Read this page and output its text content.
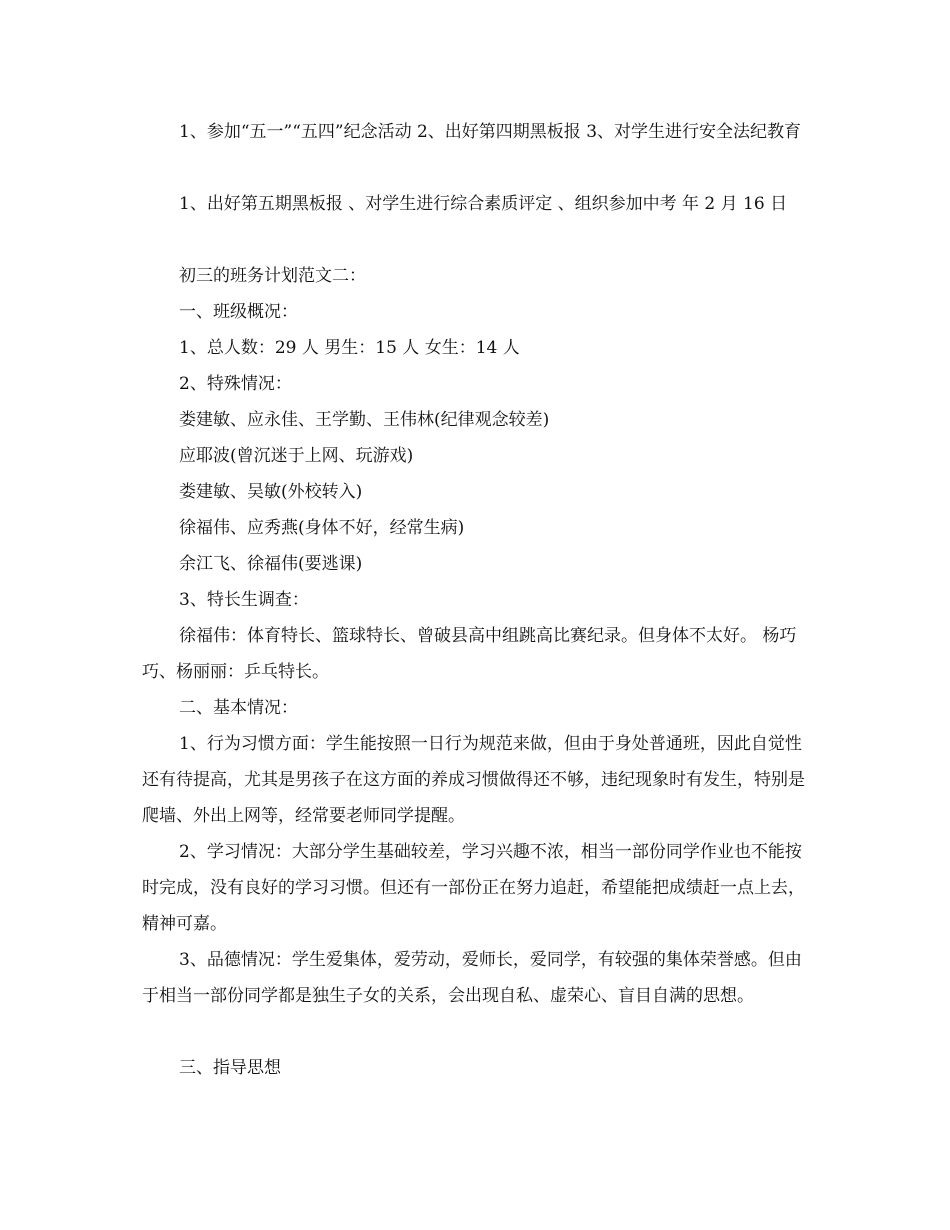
1、参加“五一”“五四”纪念活动 2、出好第四期黑板报 3、对学生进行安全法纪教育

1、出好第五期黑板报 、对学生进行综合素质评定 、组织参加中考 年 2 月 16 日

初三的班务计划范文二：

一、班级概况：

1、总人数：29 人 男生：15 人 女生：14 人

2、特殊情况：

娄建敏、应永佳、王学勤、王伟林(纪律观念较差)

应耶波(曾沉迷于上网、玩游戏)

娄建敏、吴敏(外校转入)

徐福伟、应秀燕(身体不好，经常生病)

余江飞、徐福伟(要逃课)

3、特长生调查：

徐福伟：体育特长、篮球特长、曾破县高中组跳高比赛纪录。但身体不太好。 杨巧巧、杨丽丽：乒乓特长。

二、基本情况：

1、行为习惯方面：学生能按照一日行为规范来做，但由于身处普通班，因此自觉性还有待提高，尤其是男孩子在这方面的养成习惯做得还不够，违纪现象时有发生，特别是爬墙、外出上网等，经常要老师同学提醒。

2、学习情况：大部分学生基础较差，学习兴趣不浓，相当一部份同学作业也不能按时完成，没有良好的学习习惯。但还有一部份正在努力追赶，希望能把成绩赶一点上去，精神可嘉。

3、品德情况：学生爱集体，爱劳动，爱师长，爱同学，有较强的集体荣誉感。但由于相当一部份同学都是独生子女的关系，会出现自私、虚荣心、盲目自满的思想。

三、指导思想
